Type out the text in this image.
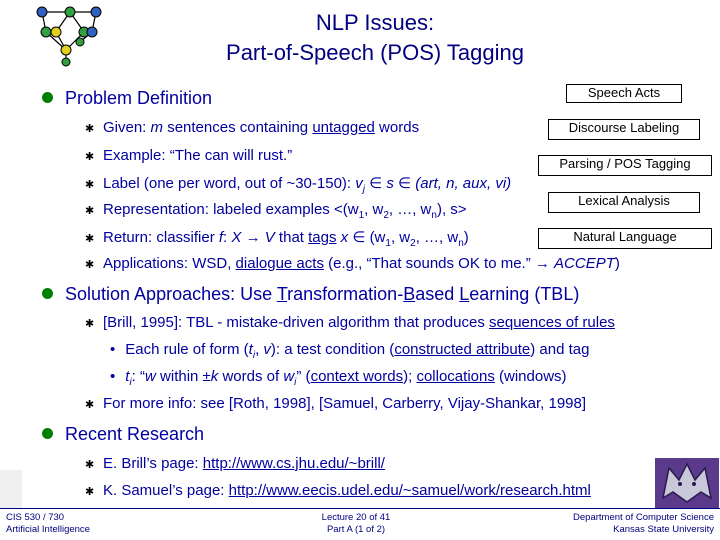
NLP Issues:
Part-of-Speech (POS) Tagging
Speech Acts
Discourse Labeling
Parsing / POS Tagging
Lexical Analysis
Natural Language
Problem Definition
✱ Given: m sentences containing untagged words
✱ Example: “The can will rust.”
✱ Label (one per word, out of ~30-150): $v_j$ ∈ s ∈ (art, n, aux, vi)
✱ Representation: labeled examples $<(w_1$, $w_2$, …, $w_n$), s>
✱ Return: classifier f: X → V that tags x ∈ ($w_1$, $w_2$, …, $w_n$)
✱ Applications: WSD, dialogue acts (e.g., “That sounds OK to me.” → ACCEPT)
Solution Approaches: Use Transformation-Based Learning (TBL)
✱ [Brill, 1995]: TBL - mistake-driven algorithm that produces sequences of rules
• Each rule of form ($t_i$, v): a test condition (constructed attribute) and tag
• $t_i$: “w within ±k words of $w_i$” (context words); collocations (windows)
✱ For more info: see [Roth, 1998], [Samuel, Carberry, Vijay-Shankar, 1998]
Recent Research
✱ E. Brill’s page: http://www.cs.jhu.edu/~brill/
✱ K. Samuel’s page: http://www.eecis.udel.edu/~samuel/work/research.html
CIS 530 / 730
Artificial Intelligence
Lecture 20 of 41
Part A (1 of 2)
Department of Computer Science
Kansas State University
